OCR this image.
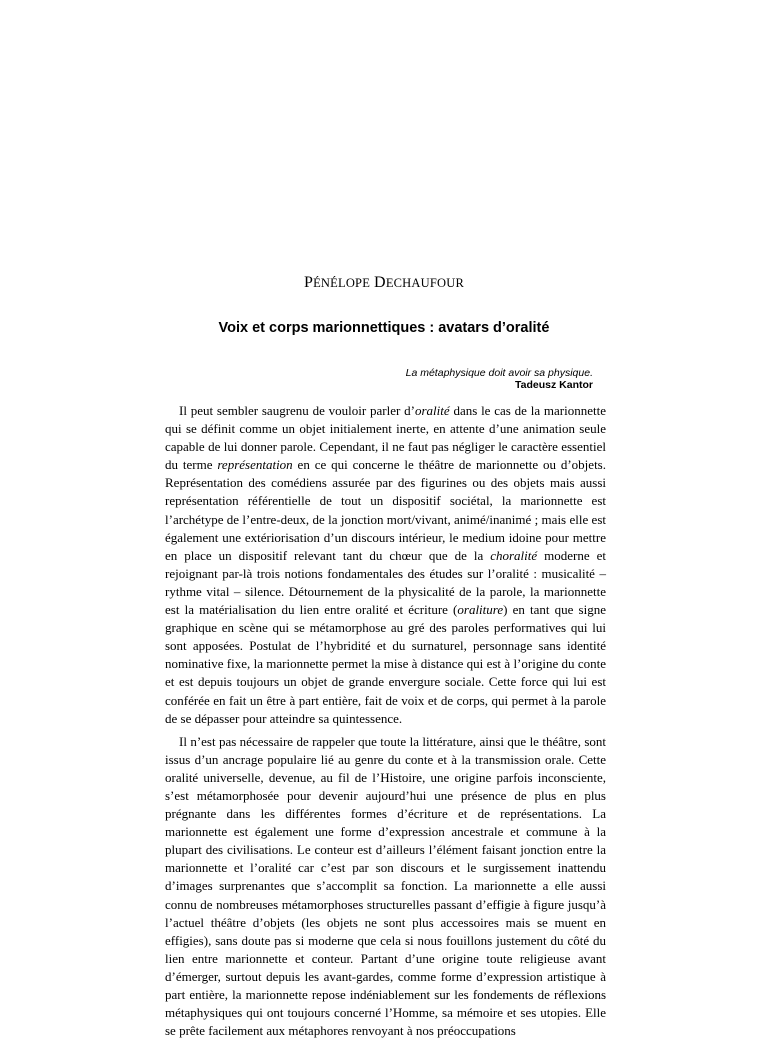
PÉNÉLOPE DECHAUFOUR
Voix et corps marionnettiques : avatars d’oralité
La métaphysique doit avoir sa physique.
Tadeusz Kantor

Il peut sembler saugrenu de vouloir parler d’oralité dans le cas de la marionnette qui se définit comme un objet initialement inerte, en attente d’une animation seule capable de lui donner parole. Cependant, il ne faut pas négliger le caractère essentiel du terme représentation en ce qui concerne le théâtre de marionnette ou d’objets. Représentation des comédiens assurée par des figurines ou des objets mais aussi représentation référentielle de tout un dispositif sociétal, la marionnette est l’archétype de l’entre-deux, de la jonction mort/vivant, animé/inanimé ; mais elle est également une extériorisation d’un discours intérieur, le medium idoine pour mettre en place un dispositif relevant tant du chœur que de la choralité moderne et rejoignant par-là trois notions fondamentales des études sur l’oralité : musicalité – rythme vital – silence. Détournement de la physicalité de la parole, la marionnette est la matérialisation du lien entre oralité et écriture (oraliture) en tant que signe graphique en scène qui se métamorphose au gré des paroles performatives qui lui sont apposées. Postulat de l’hybridité et du surnaturel, personnage sans identité nominative fixe, la marionnette permet la mise à distance qui est à l’origine du conte et est depuis toujours un objet de grande envergure sociale. Cette force qui lui est conférée en fait un être à part entière, fait de voix et de corps, qui permet à la parole de se dépasser pour atteindre sa quintessence.

Il n’est pas nécessaire de rappeler que toute la littérature, ainsi que le théâtre, sont issus d’un ancrage populaire lié au genre du conte et à la transmission orale. Cette oralité universelle, devenue, au fil de l’Histoire, une origine parfois inconsciente, s’est métamorphosée pour devenir aujourd’hui une présence de plus en plus prégnante dans les différentes formes d’écriture et de représentations. La marionnette est également une forme d’expression ancestrale et commune à la plupart des civilisations. Le conteur est d’ailleurs l’élément faisant jonction entre la marionnette et l’oralité car c’est par son discours et le surgissement inattendu d’images surprenantes que s’accomplit sa fonction. La marionnette a elle aussi connu de nombreuses métamorphoses structurelles passant d’effigie à figure jusqu’à l’actuel théâtre d’objets (les objets ne sont plus accessoires mais se muent en effigies), sans doute pas si moderne que cela si nous fouillons justement du côté du lien entre marionnette et conteur. Partant d’une origine toute religieuse avant d’émerger, surtout depuis les avant-gardes, comme forme d’expression artistique à part entière, la marionnette repose indéniablement sur les fondements de réflexions métaphysiques qui ont toujours concerné l’Homme, sa mémoire et ses utopies. Elle se prête facilement aux métaphores renvoyant à nos préoccupations
